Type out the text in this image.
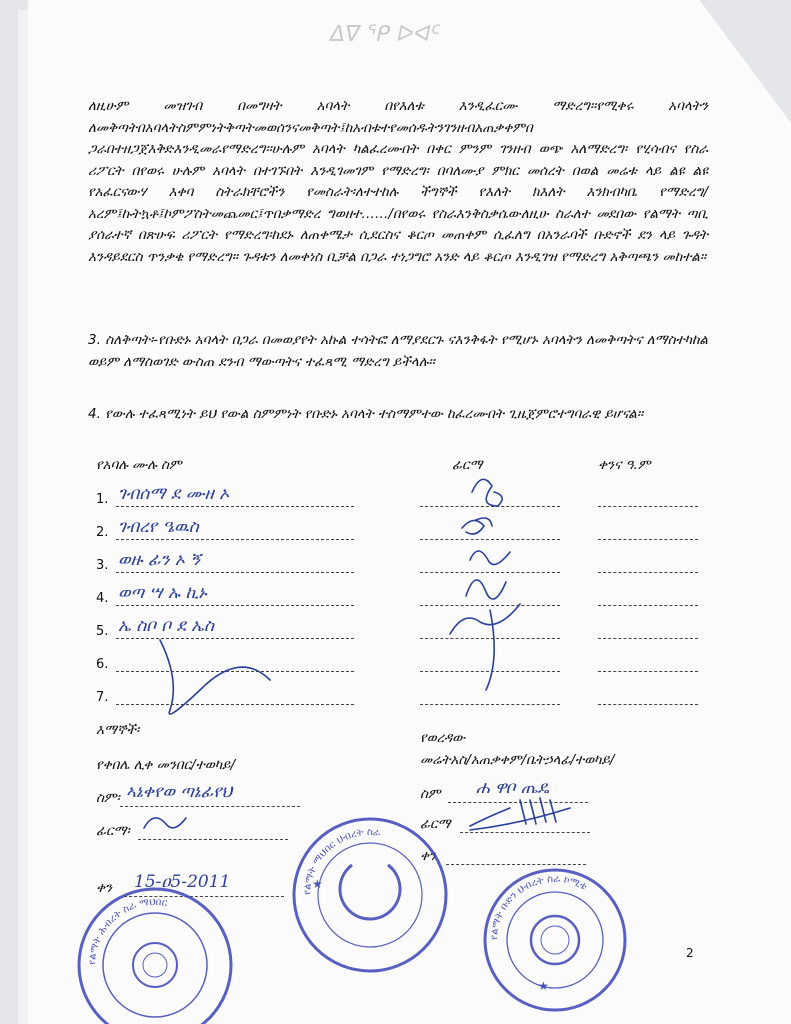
ᐃᐁ ᕿ ᐅᐊᑦ
ለዚሁም መዝገብ በመግዛት አባላት በየእለቱ እንዲፈርሙ ማድረግ፡፡የሚቀሩ አባላትን ለመቅጣትበአባላትስምምነትቅጣትመወሰንናመቅጣት፤ከአብቱተየመሰዱትንገንዘብአጠቃቀምበ ጋራበተዘጋጀእቅድእንዲመራየማድረግ፡፡ሁሉም አባላት ካልፈረሙበት በቀር ምንም ገንዘብ ወጭ አለማድረግ፡ የሂሳብና የስራ ሪፖርት በየወሩ ሁሉም አባላት በተገኙበት እንዲገመገም የማድረግ፡ በባለሙያ ምክር መሰረት በወል መሬቱ ላይ ልዩ ልዩ የአፈርናውሃ እቀባ ስትራክቸሮችን የመስራት፡ለተተከሉ ችግኞች የእለት ክእለት እንክብካቤ የማድረግ/አረም፤ኩትኳቶ፤ኮምፖስትመጨመር፤ጥበቃማድረ ግወዘተ……/በየወሩ የስራእንቅስቃሴውለዚሁ ስራለተ መደበው የልማት ጣቢ ያሰራተኛ በጽሁፍ ሪፖርት የማድረግ፡ከደኑ ለጠቀሜታ ሲደርስና ቆርጦ መጠቀም ሲፈለግ በአንራባች ቡድኖች ደን ላይ ጉዳት እንዳይደርስ ጥንቃቄ የማድረግ፡፡ ጉዳቱን ለመቀነስ ቢቻል በጋራ ተነጋግሮ አንድ ላይ ቆርጦ እንዲገዝ የማድረግ አቅጣጫን መከተል፡፡
3. ስለቅጣት፡-የቡድኑ አባላት በጋራ በመወያየት አኩል ተሳትፎ ለማያደርጉ ናእንቅፋት የሚሆኑ አባላትን ለመቅጣትና ለማስተካከል ወይም ለማስወገድ ውስጠ ደንብ ማውጣትና ተፈጻሚ ማድረግ ይችላሉ፡፡
4. የውሉ ተፈጻሚነት ይህ የውል ስምምነት የቡድኑ አባላት ተስማምተው ከፈረሙበት ጊዜጀምሮተግባራዊ ይሆናል፡፡
የአባሉ ሙሉ ስም	ፊርማ	ቀንና ዓ.ም
1. ገብሰማ ደ ሙዘ ኦ
2. ገብረየ ዔዉስ
3. ወዙ ፊን ኦ ኝ
4. ወጣ ሣ ኡ ኪኑ
5. ኤ ስቦ ቦ ደ ኤስ
6.
7.
እማኞች፡
የቀበሌ ሊቀ መንበር/ተወካይ/
ስም፡ ኣኔቀየወ ጣኔፊየህ
ፊርማ፡
ቀን 15-ዐ5-2011
የወረዳው
መሬትአስ/አጠቃቀም/ቤትኃላፊ/ተወካይ/
ስም ሐ ዋቦ ጤዴ
ፊርማ
ቀን
የልማት ሕብረት ስራ ማህበር
የልማት ማህበር ህብረት ስራ
የልማት ቡድን ህብረት ስራ ኮሚቴ
★
★
2
